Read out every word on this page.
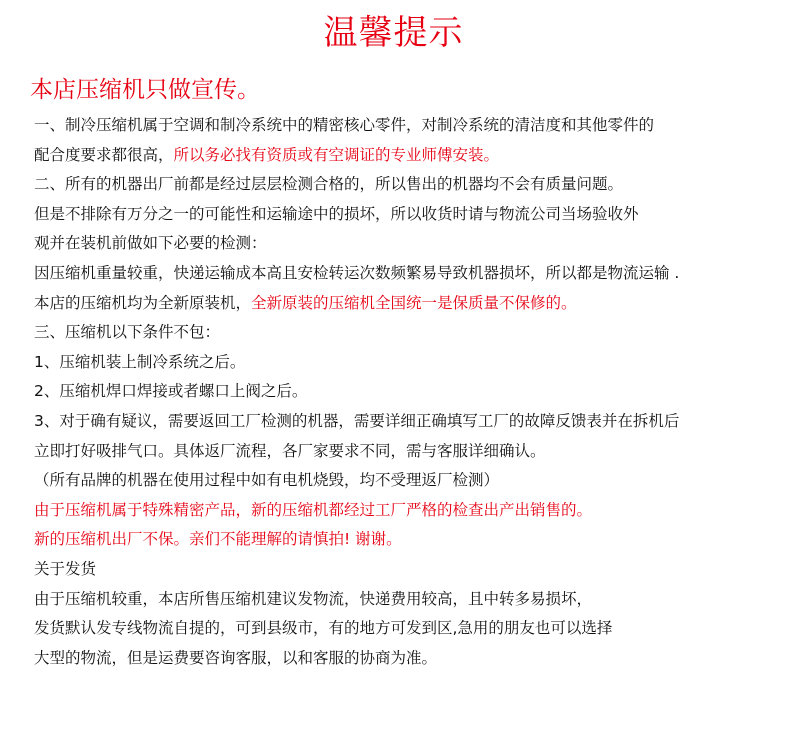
温馨提示
本店压缩机只做宣传。
一、制冷压缩机属于空调和制冷系统中的精密核心零件，对制冷系统的清洁度和其他零件的
配合度要求都很高，所以务必找有资质或有空调证的专业师傅安装。
二、所有的机器出厂前都是经过层层检测合格的，所以售出的机器均不会有质量问题。
但是不排除有万分之一的可能性和运输途中的损坏，所以收货时请与物流公司当场验收外
观并在装机前做如下必要的检测：
因压缩机重量较重，快递运输成本高且安检转运次数频繁易导致机器损坏，所以都是物流运输 .
本店的压缩机均为全新原装机，全新原装的压缩机全国统一是保质量不保修的。
三、压缩机以下条件不包：
1、压缩机装上制冷系统之后。
2、压缩机焊口焊接或者螺口上阀之后。
3、对于确有疑议，需要返回工厂检测的机器，需要详细正确填写工厂的故障反馈表并在拆机后
立即打好吸排气口。具体返厂流程，各厂家要求不同，需与客服详细确认。
（所有品牌的机器在使用过程中如有电机烧毁，均不受理返厂检测）
由于压缩机属于特殊精密产品，新的压缩机都经过工厂严格的检查出产出销售的。
新的压缩机出厂不保。亲们不能理解的请慎拍! 谢谢。
关于发货
由于压缩机较重，本店所售压缩机建议发物流，快递费用较高，且中转多易损坏，
发货默认发专线物流自提的，可到县级市，有的地方可发到区,急用的朋友也可以选择
大型的物流，但是运费要咨询客服，以和客服的协商为准。
